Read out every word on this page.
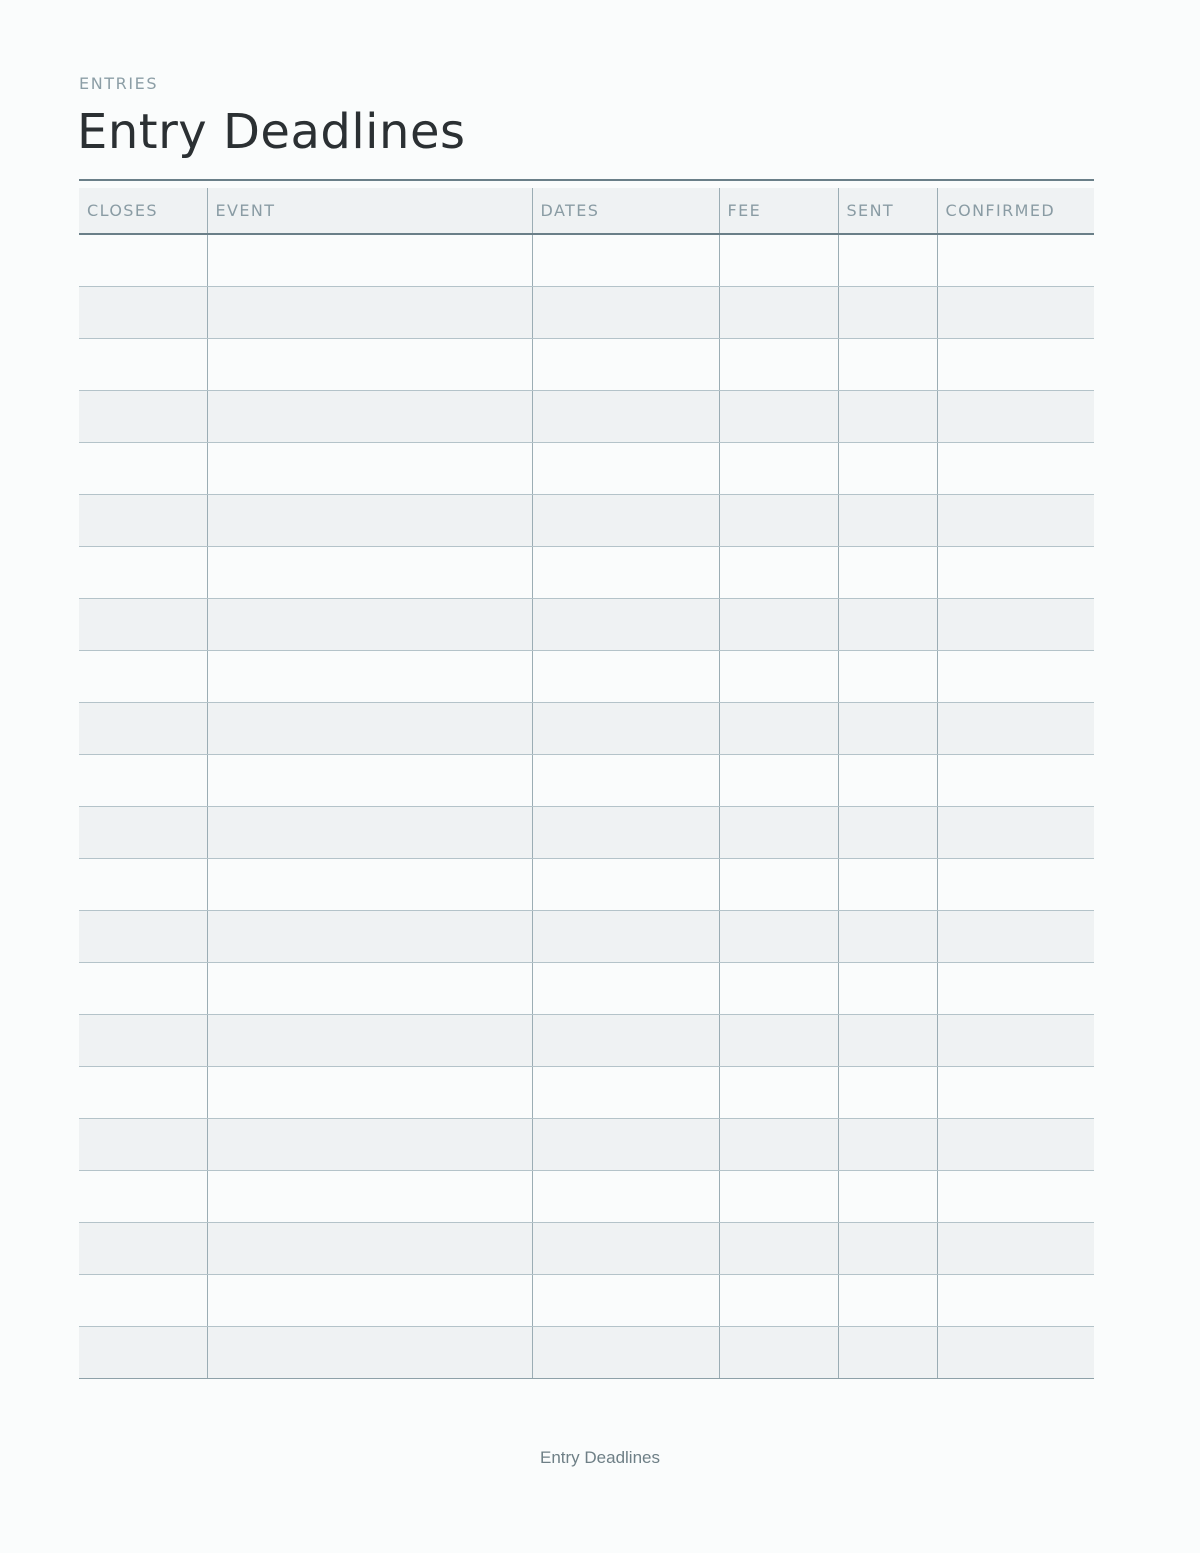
ENTRIES
Entry Deadlines
CLOSES	EVENT	DATES	FEE	SENT	CONFIRMED

Entry Deadlines
